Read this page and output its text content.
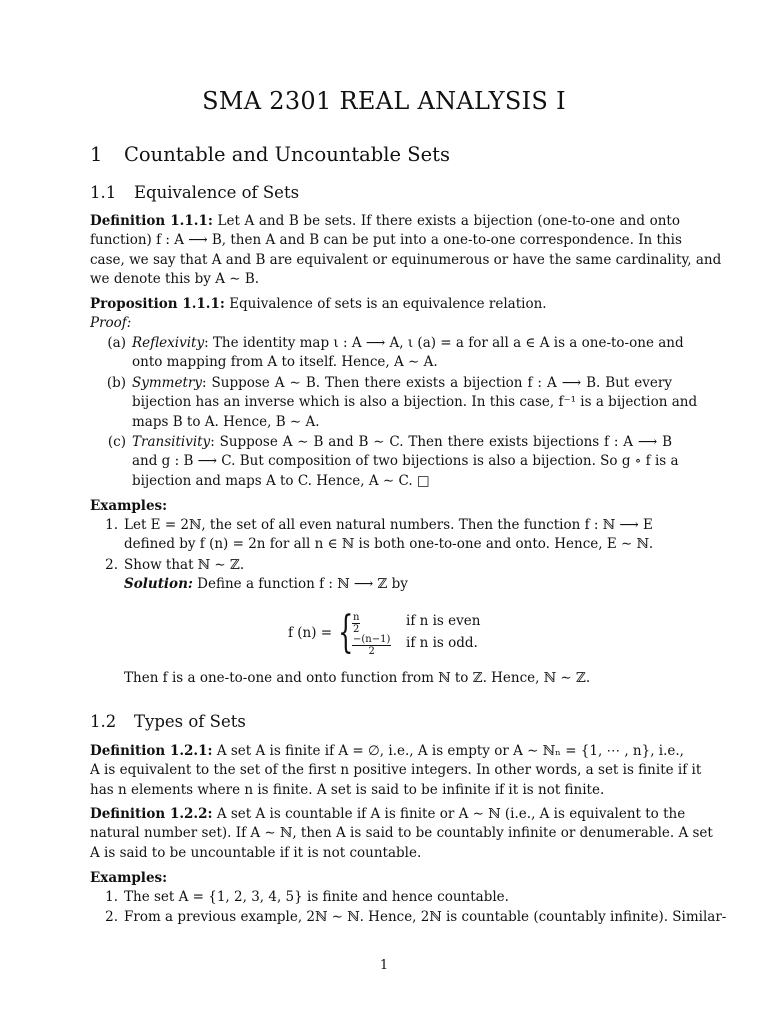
SMA 2301 REAL ANALYSIS I
1 Countable and Uncountable Sets
1.1 Equivalence of Sets
Definition 1.1.1: Let A and B be sets. If there exists a bijection (one-to-one and onto
function) f : A ⟶ B, then A and B can be put into a one-to-one correspondence. In this
case, we say that A and B are equivalent or equinumerous or have the same cardinality, and
we denote this by A ∼ B.
Proposition 1.1.1: Equivalence of sets is an equivalence relation.
Proof:
(a) Reflexivity: The identity map ι : A ⟶ A, ι (a) = a for all a ∈ A is a one-to-one and
onto mapping from A to itself. Hence, A ∼ A.
(b) Symmetry: Suppose A ∼ B. Then there exists a bijection f : A ⟶ B. But every
bijection has an inverse which is also a bijection. In this case, f⁻¹ is a bijection and
maps B to A. Hence, B ∼ A.
(c) Transitivity: Suppose A ∼ B and B ∼ C. Then there exists bijections f : A ⟶ B
and g : B ⟶ C. But composition of two bijections is also a bijection. So g ∘ f is a
bijection and maps A to C. Hence, A ∼ C. □
Examples:
1. Let E = 2ℕ, the set of all even natural numbers. Then the function f : ℕ ⟶ E
defined by f (n) = 2n for all n ∈ ℕ is both one-to-one and onto. Hence, E ∼ ℕ.
2. Show that ℕ ∼ ℤ.
Solution: Define a function f : ℕ ⟶ ℤ by
f (n) = {
$\frac{n}{2}$	if n is even
$\frac{-(n-1)}{2}$ if n is odd.
Then f is a one-to-one and onto function from ℕ to ℤ. Hence, ℕ ∼ ℤ.
1.2 Types of Sets
Definition 1.2.1: A set A is finite if A = ∅, i.e., A is empty or A ∼ ℕₙ = {1, ⋯ , n}, i.e.,
A is equivalent to the set of the first n positive integers. In other words, a set is finite if it
has n elements where n is finite. A set is said to be infinite if it is not finite.
Definition 1.2.2: A set A is countable if A is finite or A ∼ ℕ (i.e., A is equivalent to the
natural number set). If A ∼ ℕ, then A is said to be countably infinite or denumerable. A set
A is said to be uncountable if it is not countable.
Examples:
1. The set A = {1, 2, 3, 4, 5} is finite and hence countable.
2. From a previous example, 2ℕ ∼ ℕ. Hence, 2ℕ is countable (countably infinite). Similar-
1
